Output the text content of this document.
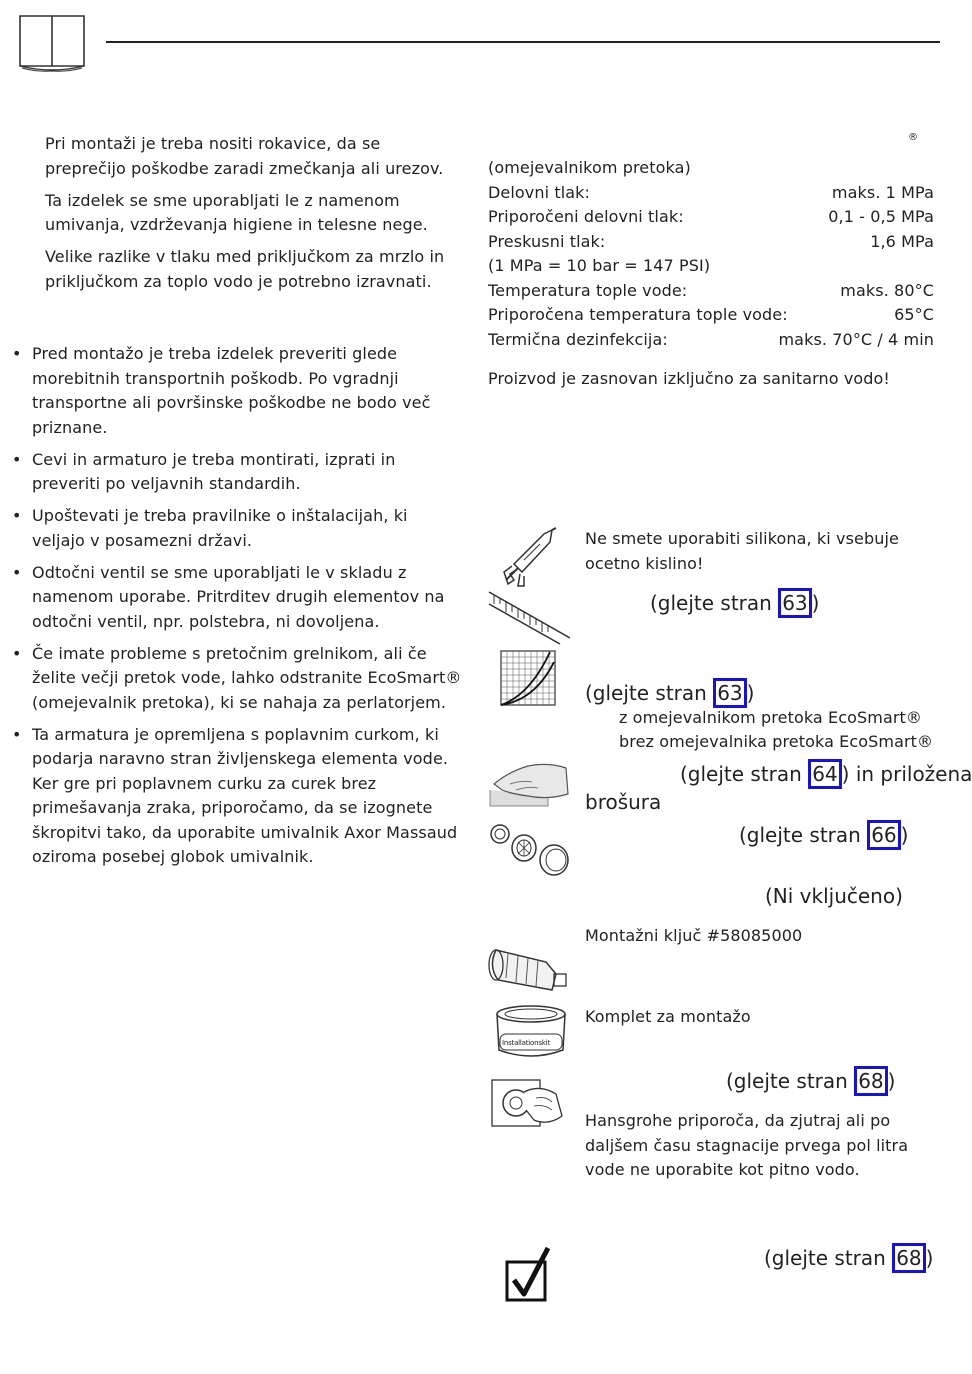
Pri montaži je treba nositi rokavice, da se preprečijo poškodbe zaradi zmečkanja ali urezov.

Ta izdelek se sme uporabljati le z namenom umivanja, vzdrževanja higiene in telesne nege.

Velike razlike v tlaku med priključkom za mrzlo in priključkom za toplo vodo je potrebno izravnati.

• Pred montažo je treba izdelek preveriti glede morebitnih transportnih poškodb. Po vgradnji transportne ali površinske poškodbe ne bodo več priznane.
• Cevi in armaturo je treba montirati, izprati in preveriti po veljavnih standardih.
• Upoštevati je treba pravilnike o inštalacijah, ki veljajo v posamezni državi.
• Odtočni ventil se sme uporabljati le v skladu z namenom uporabe. Pritrditev drugih elementov na odtočni ventil, npr. polstebra, ni dovoljena.
• Če imate probleme s pretočnim grelnikom, ali če želite večji pretok vode, lahko odstranite EcoSmart® (omejevalnik pretoka), ki se nahaja za perlatorjem.
• Ta armatura je opremljena s poplavnim curkom, ki podarja naravno stran življenskega elementa vode. Ker gre pri poplavnem curku za curek brez primešavanja zraka, priporočamo, da se izognete škropitvi tako, da uporabite umivalnik Axor Massaud oziroma posebej globok umivalnik.
®
(omejevalnikom pretoka)
Delovni tlak:	maks. 1 MPa
Priporočeni delovni tlak:	0,1 - 0,5 MPa
Preskusni tlak:	1,6 MPa
(1 MPa = 10 bar = 147 PSI)
Temperatura tople vode:	maks. 80°C
Priporočena temperatura tople vode:	65°C
Termična dezinfekcija:	maks. 70°C / 4 min
Proizvod je zasnovan izključno za sanitarno vodo!
Ne smete uporabiti silikona, ki vsebuje ocetno kislino!
(glejte stran 63 )
(glejte stran 63 )
z omejevalnikom pretoka EcoSmart®
brez omejevalnika pretoka EcoSmart®
(glejte stran 64 ) in priložena
brošura
(glejte stran 66 )
(Ni vključeno)
Montažni ključ #58085000
Komplet za montažo
Installationskit
(glejte stran 68 )
Hansgrohe priporoča, da zjutraj ali po daljšem času stagnacije prvega pol litra vode ne uporabite kot pitno vodo.
(glejte stran 68 )
